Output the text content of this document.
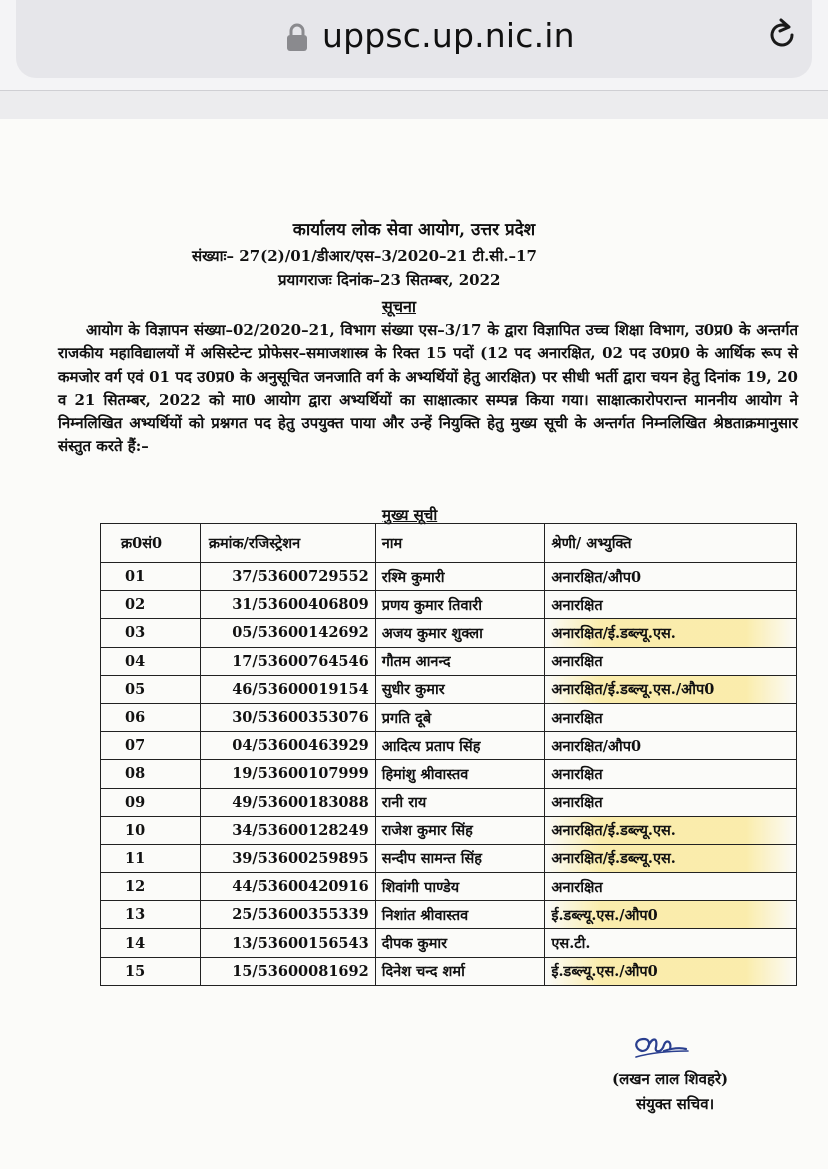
uppsc.up.nic.in
कार्यालय लोक सेवा आयोग, उत्तर प्रदेश
संख्याः– 27(2)/01/डीआर/एस–3/2020–21 टी.सी.–17
प्रयागराजः दिनांक–23 सितम्बर, 2022
सूचना
आयोग के विज्ञापन संख्या–02/2020–21, विभाग संख्या एस–3/17 के द्वारा विज्ञापित उच्च शिक्षा विभाग, उ0प्र0 के अन्तर्गत राजकीय महाविद्यालयों में असिस्टेन्ट प्रोफेसर–समाजशास्त्र के रिक्त 15 पदों (12 पद अनारक्षित, 02 पद उ0प्र0 के आर्थिक रूप से कमजोर वर्ग एवं 01 पद उ0प्र0 के अनुसूचित जनजाति वर्ग के अभ्यर्थियों हेतु आरक्षित) पर सीधी भर्ती द्वारा चयन हेतु दिनांक 19, 20 व 21 सितम्बर, 2022 को मा0 आयोग द्वारा अभ्यर्थियों का साक्षात्कार सम्पन्न किया गया। साक्षात्कारोपरान्त माननीय आयोग ने निम्नलिखित अभ्यर्थियों को प्रश्नगत पद हेतु उपयुक्त पाया और उन्हें नियुक्ति हेतु मुख्य सूची के अन्तर्गत निम्नलिखित श्रेष्ठताक्रमानुसार संस्तुत करते हैं:–
मुख्य सूची
क्र0सं0	क्रमांक/रजिस्ट्रेशन	नाम	श्रेणी/ अभ्युक्ति
01	37/53600729552	रश्मि कुमारी	अनारक्षित/औप0
02	31/53600406809	प्रणय कुमार तिवारी	अनारक्षित
03	05/53600142692	अजय कुमार शुक्ला	अनारक्षित/ई.डब्ल्यू.एस.
04	17/53600764546	गौतम आनन्द	अनारक्षित
05	46/53600019154	सुधीर कुमार	अनारक्षित/ई.डब्ल्यू.एस./औप0
06	30/53600353076	प्रगति दूबे	अनारक्षित
07	04/53600463929	आदित्य प्रताप सिंह	अनारक्षित/औप0
08	19/53600107999	हिमांशु श्रीवास्तव	अनारक्षित
09	49/53600183088	रानी राय	अनारक्षित
10	34/53600128249	राजेश कुमार सिंह	अनारक्षित/ई.डब्ल्यू.एस.
11	39/53600259895	सन्दीप सामन्त सिंह	अनारक्षित/ई.डब्ल्यू.एस.
12	44/53600420916	शिवांगी पाण्डेय	अनारक्षित
13	25/53600355339	निशांत श्रीवास्तव	ई.डब्ल्यू.एस./औप0
14	13/53600156543	दीपक कुमार	एस.टी.
15	15/53600081692	दिनेश चन्द शर्मा	ई.डब्ल्यू.एस./औप0
(लखन लाल शिवहरे)
संयुक्त सचिव।
